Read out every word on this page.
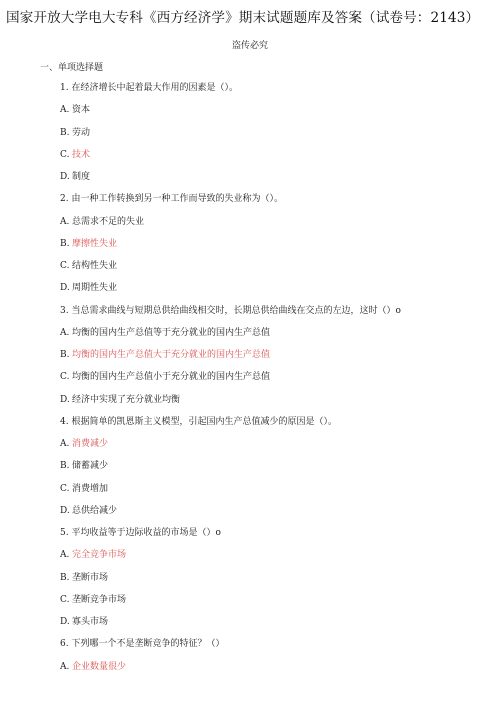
国家开放大学电大专科《西方经济学》期末试题题库及答案（试卷号：2143）
盗传必究
一、单项选择题
1. 在经济增长中起着最大作用的因素是（）。
A. 资本
B. 劳动
C. 技术
D. 制度
2. 由一种工作转换到另一种工作而导致的失业称为（）。
A. 总需求不足的失业
B. 摩擦性失业
C. 结构性失业
D. 周期性失业
3. 当总需求曲线与短期总供给曲线相交时，长期总供给曲线在交点的左边，这时（）o
A. 均衡的国内生产总值等于充分就业的国内生产总值
B. 均衡的国内生产总值大于充分就业的国内生产总值
C. 均衡的国内生产总值小于充分就业的国内生产总值
D. 经济中实现了充分就业均衡
4. 根据简单的凯恩斯主义模型，引起国内生产总值减少的原因是（）。
A. 消费减少
B. 储蓄减少
C. 消费增加
D. 总供给减少
5. 平均收益等于边际收益的市场是（）o
A. 完全竞争市场
B. 垄断市场
C. 垄断竞争市场
D. 寡头市场
6. 下列哪一个不是垄断竞争的特征？（）
A. 企业数量很少
